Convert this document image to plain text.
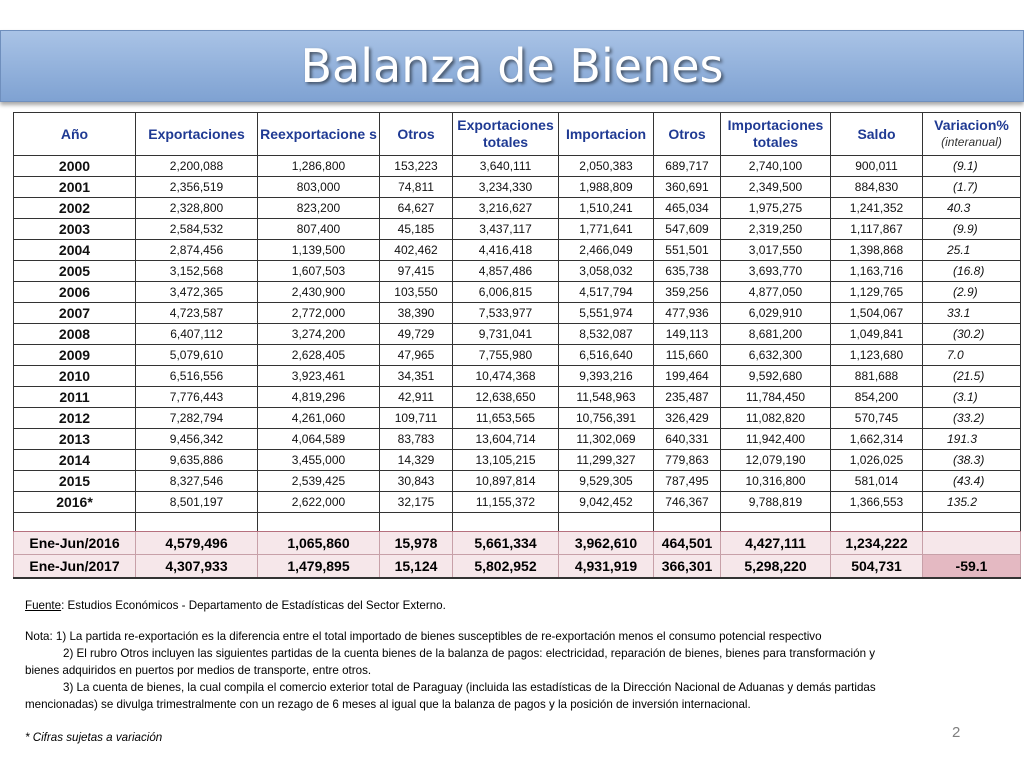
Balanza de Bienes
Año	Exportaciones	Reexportacione s	Otros	Exportaciones totales	Importacion	Otros	Importaciones totales	Saldo	Variacion%
(interanual)

2000	2,200,088	1,286,800	153,223	3,640,111	2,050,383	689,717	2,740,100	900,011	(9.1)
2001	2,356,519	803,000	74,811	3,234,330	1,988,809	360,691	2,349,500	884,830	(1.7)
2002	2,328,800	823,200	64,627	3,216,627	1,510,241	465,034	1,975,275	1,241,352	40.3
2003	2,584,532	807,400	45,185	3,437,117	1,771,641	547,609	2,319,250	1,117,867	(9.9)
2004	2,874,456	1,139,500	402,462	4,416,418	2,466,049	551,501	3,017,550	1,398,868	25.1
2005	3,152,568	1,607,503	97,415	4,857,486	3,058,032	635,738	3,693,770	1,163,716	(16.8)
2006	3,472,365	2,430,900	103,550	6,006,815	4,517,794	359,256	4,877,050	1,129,765	(2.9)
2007	4,723,587	2,772,000	38,390	7,533,977	5,551,974	477,936	6,029,910	1,504,067	33.1
2008	6,407,112	3,274,200	49,729	9,731,041	8,532,087	149,113	8,681,200	1,049,841	(30.2)
2009	5,079,610	2,628,405	47,965	7,755,980	6,516,640	115,660	6,632,300	1,123,680	7.0
2010	6,516,556	3,923,461	34,351	10,474,368	9,393,216	199,464	9,592,680	881,688	(21.5)
2011	7,776,443	4,819,296	42,911	12,638,650	11,548,963	235,487	11,784,450	854,200	(3.1)
2012	7,282,794	4,261,060	109,711	11,653,565	10,756,391	326,429	11,082,820	570,745	(33.2)
2013	9,456,342	4,064,589	83,783	13,604,714	11,302,069	640,331	11,942,400	1,662,314	191.3
2014	9,635,886	3,455,000	14,329	13,105,215	11,299,327	779,863	12,079,190	1,026,025	(38.3)
2015	8,327,546	2,539,425	30,843	10,897,814	9,529,305	787,495	10,316,800	581,014	(43.4)
2016*	8,501,197	2,622,000	32,175	11,155,372	9,042,452	746,367	9,788,819	1,366,553	135.2

Ene-Jun/2016	4,579,496	1,065,860	15,978	5,661,334	3,962,610	464,501	4,427,111	1,234,222	
Ene-Jun/2017	4,307,933	1,479,895	15,124	5,802,952	4,931,919	366,301	5,298,220	504,731	-59.1

Fuente: Estudios Económicos - Departamento de Estadísticas del Sector Externo.

Nota: 1) La partida re-exportación es la diferencia entre el total importado de bienes susceptibles de re-exportación menos el consumo potencial respectivo

2) El rubro Otros incluyen las siguientes partidas de la cuenta bienes de la balanza de pagos: electricidad, reparación de bienes, bienes para transformación y

bienes adquiridos en puertos por medios de transporte, entre otros.

3) La cuenta de bienes, la cual compila el comercio exterior total de Paraguay (incluida las estadísticas de la Dirección Nacional de Aduanas y demás partidas

mencionadas) se divulga trimestralmente con un rezago de 6 meses al igual que la balanza de pagos y la posición de inversión internacional.

* Cifras sujetas a variación	2
